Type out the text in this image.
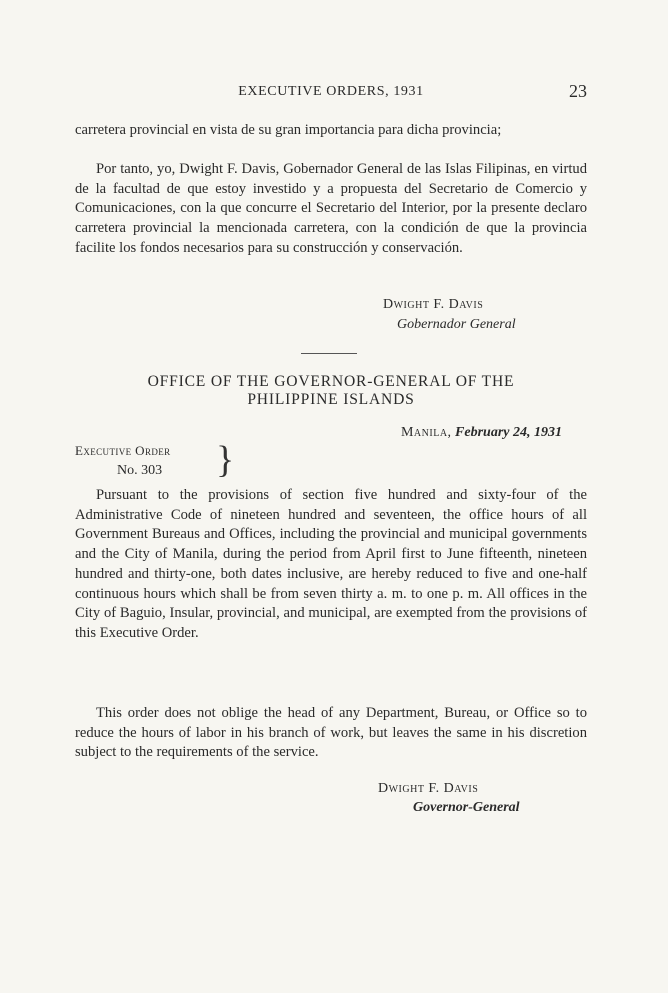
EXECUTIVE ORDERS, 1931	23

carretera provincial en vista de su gran importancia para dicha provincia;

Por tanto, yo, Dwight F. Davis, Gobernador General de las Islas Filipinas, en virtud de la facultad de que estoy investido y a propuesta del Secretario de Comercio y Comunicaciones, con la que concurre el Secretario del Interior, por la presente declaro carretera provincial la mencionada carretera, con la condición de que la provincia facilite los fondos necesarios para su construcción y conservación.

Dwight F. Davis
Gobernador General
OFFICE OF THE GOVERNOR-GENERAL OF THE
PHILIPPINE ISLANDS
Manila, February 24, 1931
Executive Order
No. 303 }

Pursuant to the provisions of section five hundred and sixty-four of the Administrative Code of nineteen hundred and seventeen, the office hours of all Government Bureaus and Offices, including the provincial and municipal governments and the City of Manila, during the period from April first to June fifteenth, nineteen hundred and thirty-one, both dates inclusive, are hereby reduced to five and one-half continuous hours which shall be from seven thirty a. m. to one p. m. All offices in the City of Baguio, Insular, provincial, and municipal, are exempted from the provisions of this Executive Order.

This order does not oblige the head of any Department, Bureau, or Office so to reduce the hours of labor in his branch of work, but leaves the same in his discretion subject to the requirements of the service.

Dwight F. Davis
Governor-General
